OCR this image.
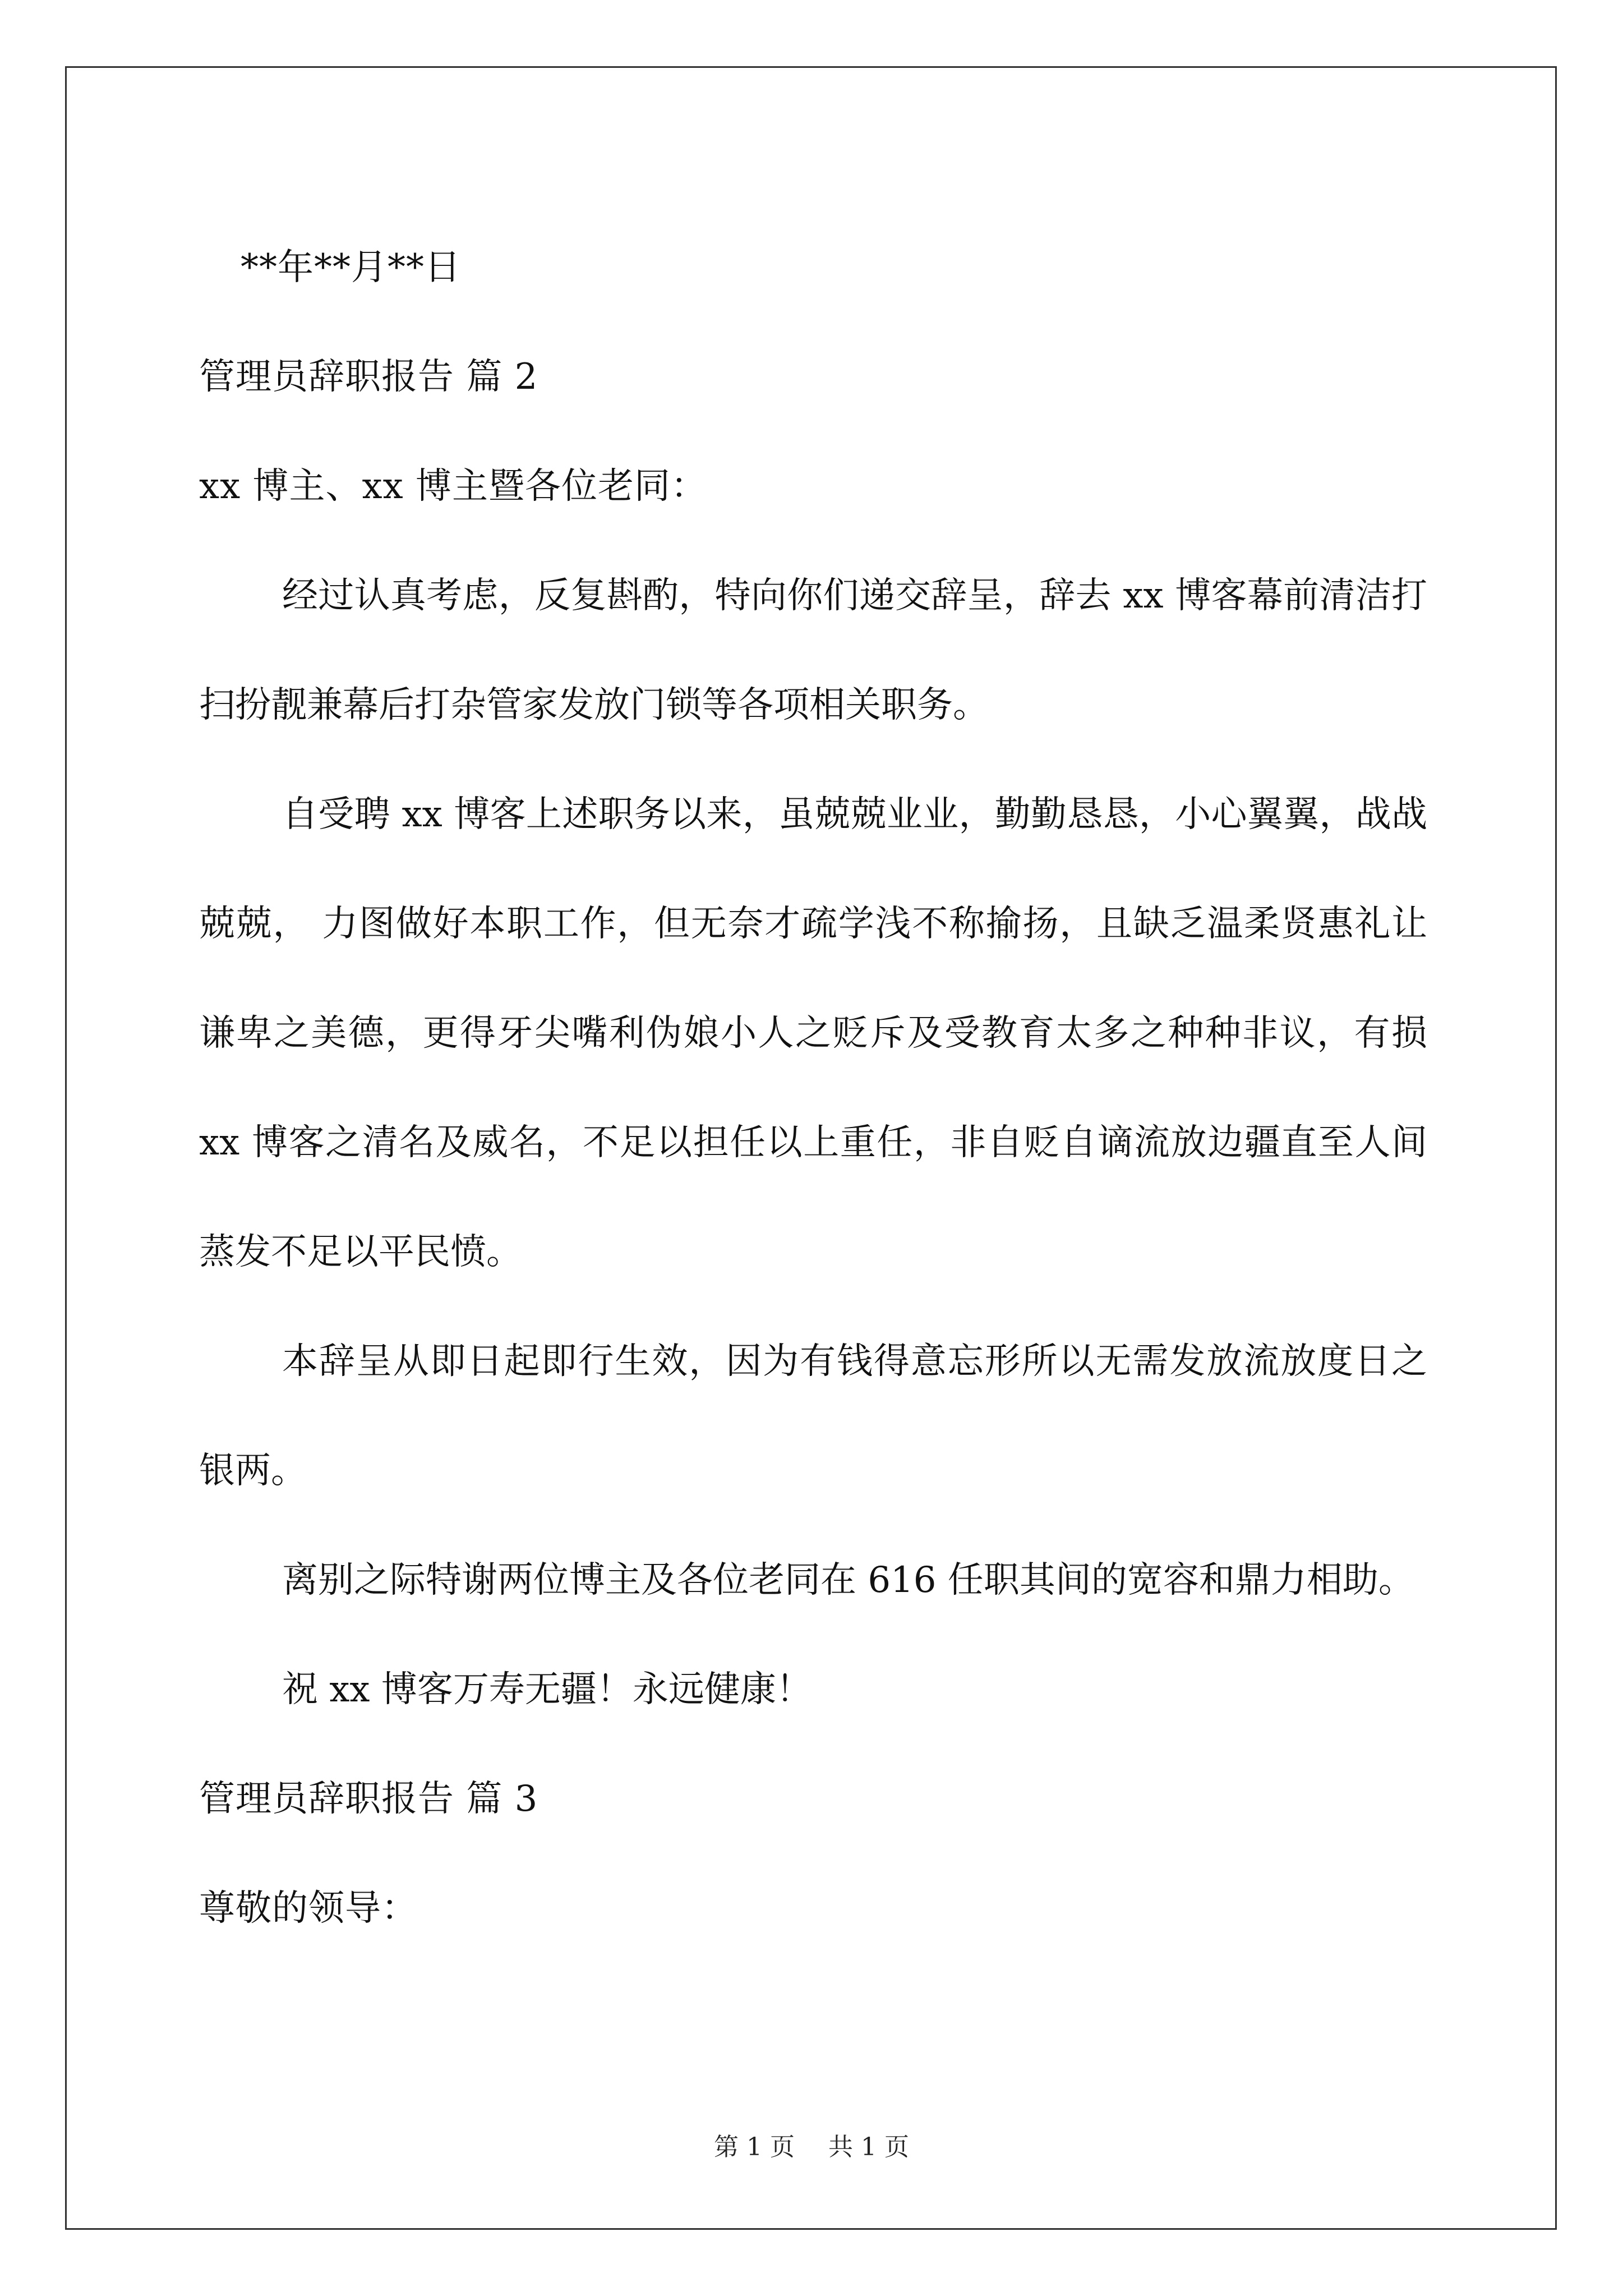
**年**月**日
管理员辞职报告 篇 2
xx 博主、xx 博主暨各位老同：

经过认真考虑，反复斟酌，特向你们递交辞呈，辞去 xx 博客幕前清洁打扫扮靓兼幕后打杂管家发放门锁等各项相关职务。

自受聘 xx 博客上述职务以来，虽兢兢业业，勤勤恳恳，小心翼翼，战战兢兢， 力图做好本职工作，但无奈才疏学浅不称揄扬，且缺乏温柔贤惠礼让谦卑之美德，更得牙尖嘴利伪娘小人之贬斥及受教育太多之种种非议，有损 xx 博客之清名及威名，不足以担任以上重任，非自贬自谪流放边疆直至人间蒸发不足以平民愤。

本辞呈从即日起即行生效，因为有钱得意忘形所以无需发放流放度日之银两。

离别之际特谢两位博主及各位老同在 616 任职其间的宽容和鼎力相助。

祝 xx 博客万寿无疆！永远健康！

管理员辞职报告 篇 3
尊敬的领导：
第 1 页 共 1 页
